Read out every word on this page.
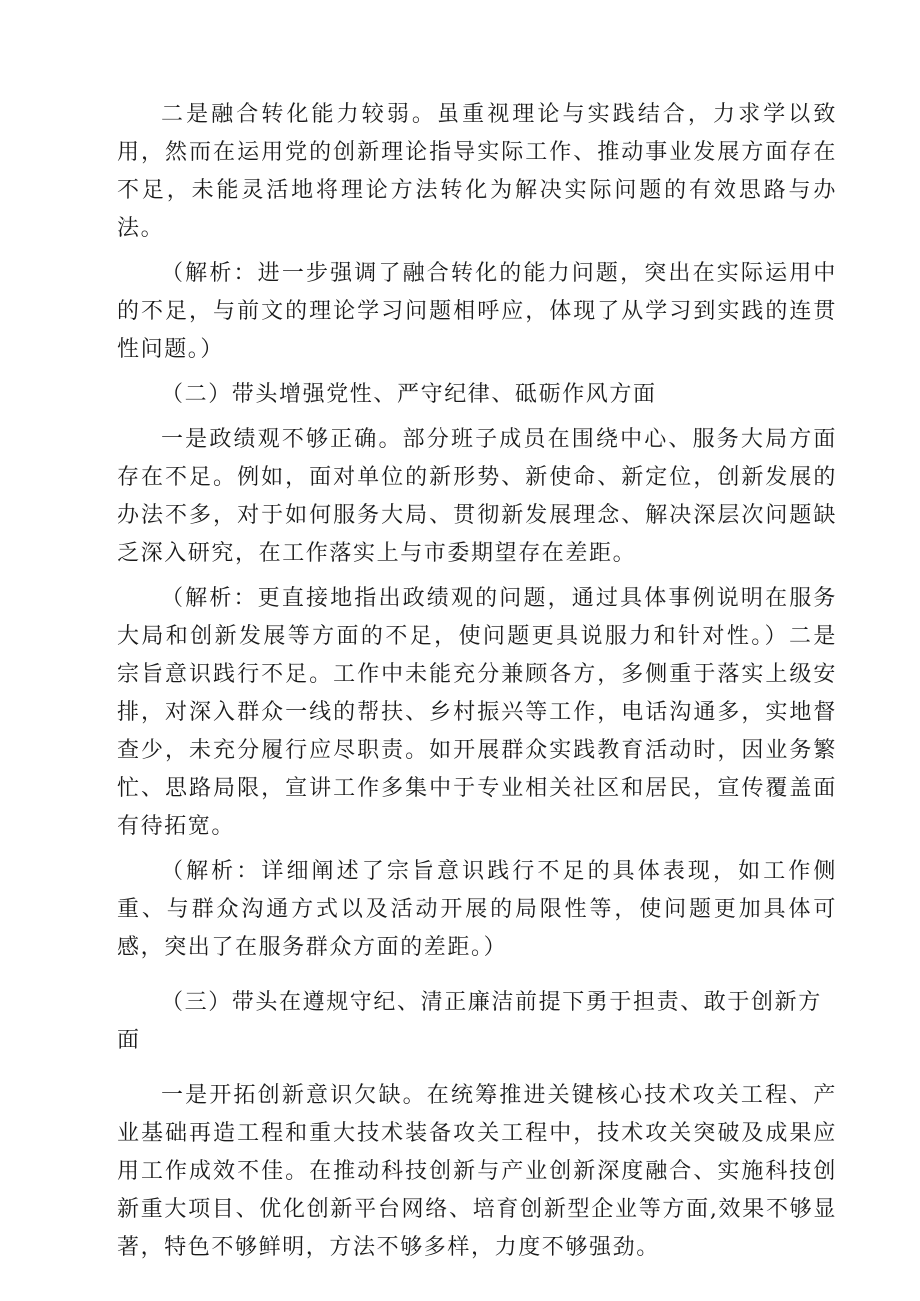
二是融合转化能力较弱。虽重视理论与实践结合，力求学以致用，然而在运用党的创新理论指导实际工作、推动事业发展方面存在不足，未能灵活地将理论方法转化为解决实际问题的有效思路与办法。

（解析：进一步强调了融合转化的能力问题，突出在实际运用中的不足，与前文的理论学习问题相呼应，体现了从学习到实践的连贯性问题。）

（二）带头增强党性、严守纪律、砥砺作风方面

一是政绩观不够正确。部分班子成员在围绕中心、服务大局方面存在不足。例如，面对单位的新形势、新使命、新定位，创新发展的办法不多，对于如何服务大局、贯彻新发展理念、解决深层次问题缺乏深入研究，在工作落实上与市委期望存在差距。

（解析：更直接地指出政绩观的问题，通过具体事例说明在服务大局和创新发展等方面的不足，使问题更具说服力和针对性。）二是宗旨意识践行不足。工作中未能充分兼顾各方，多侧重于落实上级安排，对深入群众一线的帮扶、乡村振兴等工作，电话沟通多，实地督查少，未充分履行应尽职责。如开展群众实践教育活动时，因业务繁忙、思路局限，宣讲工作多集中于专业相关社区和居民，宣传覆盖面有待拓宽。

（解析：详细阐述了宗旨意识践行不足的具体表现，如工作侧重、与群众沟通方式以及活动开展的局限性等，使问题更加具体可感，突出了在服务群众方面的差距。）

（三）带头在遵规守纪、清正廉洁前提下勇于担责、敢于创新方面

一是开拓创新意识欠缺。在统筹推进关键核心技术攻关工程、产业基础再造工程和重大技术装备攻关工程中，技术攻关突破及成果应用工作成效不佳。在推动科技创新与产业创新深度融合、实施科技创新重大项目、优化创新平台网络、培育创新型企业等方面,效果不够显著，特色不够鲜明，方法不够多样，力度不够强劲。
